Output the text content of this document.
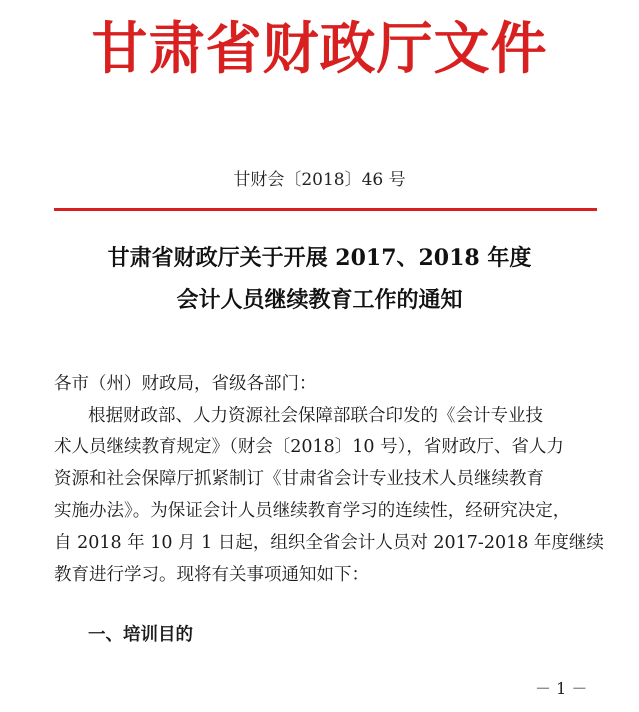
甘肃省财政厅文件
甘财会〔2018〕46 号
甘肃省财政厅关于开展 2017、2018 年度
会计人员继续教育工作的通知
各市（州）财政局，省级各部门：
根据财政部、人力资源社会保障部联合印发的《会计专业技
术人员继续教育规定》（财会〔2018〕10 号），省财政厅、省人力
资源和社会保障厅抓紧制订《甘肃省会计专业技术人员继续教育
实施办法》。为保证会计人员继续教育学习的连续性，经研究决定，
自 2018 年 10 月 1 日起，组织全省会计人员对 2017-2018 年度继续
教育进行学习。现将有关事项通知如下：
一、培训目的
－ 1 －
